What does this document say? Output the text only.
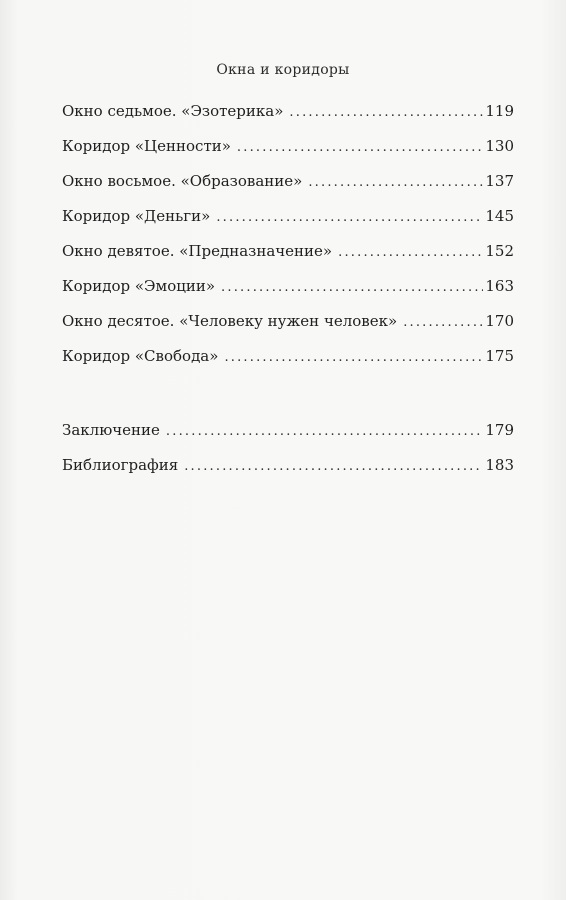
Окна и коридоры
Окно седьмое. «Эзотерика» .....	119
Коридор «Ценности» .....	130
Окно восьмое. «Образование» .....	137
Коридор «Деньги» .....	145
Окно девятое. «Предназначение» .....	152
Коридор «Эмоции» .....	163
Окно десятое. «Человеку нужен человек» .....	170
Коридор «Свобода» .....	175
Заключение .....	179
Библиография .....	183
